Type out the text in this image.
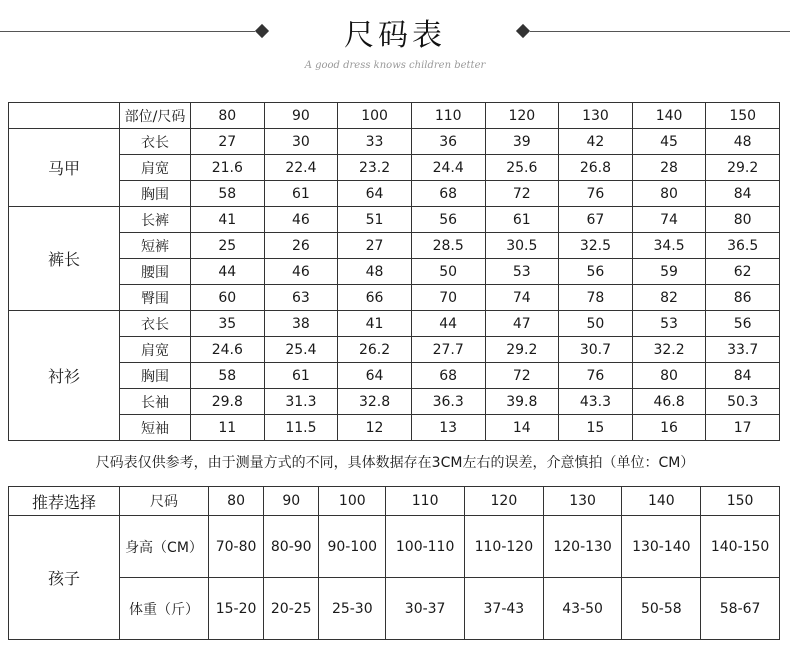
尺码表
A good dress knows children better
	部位/尺码	80	90	100	110	120	130	140	150
马甲	衣长	27	30	33	36	39	42	45	48
	肩宽	21.6	22.4	23.2	24.4	25.6	26.8	28	29.2
	胸围	58	61	64	68	72	76	80	84
裤长	长裤	41	46	51	56	61	67	74	80
	短裤	25	26	27	28.5	30.5	32.5	34.5	36.5
	腰围	44	46	48	50	53	56	59	62
	臀围	60	63	66	70	74	78	82	86
衬衫	衣长	35	38	41	44	47	50	53	56
	肩宽	24.6	25.4	26.2	27.7	29.2	30.7	32.2	33.7
	胸围	58	61	64	68	72	76	80	84
	长袖	29.8	31.3	32.8	36.3	39.8	43.3	46.8	50.3
	短袖	11	11.5	12	13	14	15	16	17
尺码表仅供参考，由于测量方式的不同，具体数据存在3CM左右的误差，介意慎拍（单位：CM）
推荐选择	尺码	80	90	100	110	120	130	140	150
孩子	身高（CM）	70-80	80-90	90-100	100-110	110-120	120-130	130-140	140-150
	体重（斤）	15-20	20-25	25-30	30-37	37-43	43-50	50-58	58-67
